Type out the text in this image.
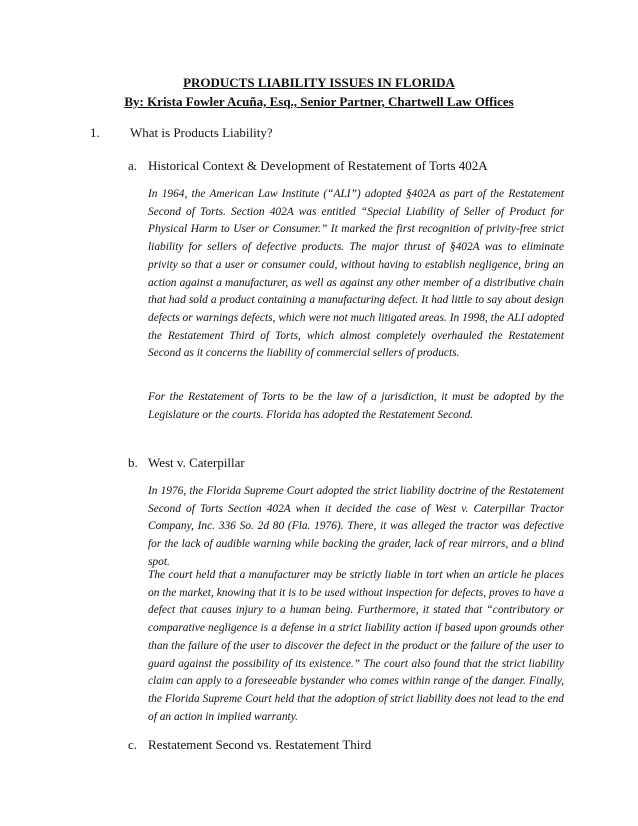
PRODUCTS LIABILITY ISSUES IN FLORIDA
By: Krista Fowler Acuña, Esq., Senior Partner, Chartwell Law Offices
1. What is Products Liability?
a. Historical Context & Development of Restatement of Torts 402A

In 1964, the American Law Institute (“ALI”) adopted §402A as part of the Restatement Second of Torts. Section 402A was entitled “Special Liability of Seller of Product for Physical Harm to User or Consumer.” It marked the first recognition of privity-free strict liability for sellers of defective products. The major thrust of §402A was to eliminate privity so that a user or consumer could, without having to establish negligence, bring an action against a manufacturer, as well as against any other member of a distributive chain that had sold a product containing a manufacturing defect. It had little to say about design defects or warnings defects, which were not much litigated areas. In 1998, the ALI adopted the Restatement Third of Torts, which almost completely overhauled the Restatement Second as it concerns the liability of commercial sellers of products.

For the Restatement of Torts to be the law of a jurisdiction, it must be adopted by the Legislature or the courts. Florida has adopted the Restatement Second.

b. West v. Caterpillar

In 1976, the Florida Supreme Court adopted the strict liability doctrine of the Restatement Second of Torts Section 402A when it decided the case of West v. Caterpillar Tractor Company, Inc. 336 So. 2d 80 (Fla. 1976). There, it was alleged the tractor was defective for the lack of audible warning while backing the grader, lack of rear mirrors, and a blind spot.

The court held that a manufacturer may be strictly liable in tort when an article he places on the market, knowing that it is to be used without inspection for defects, proves to have a defect that causes injury to a human being. Furthermore, it stated that “contributory or comparative negligence is a defense in a strict liability action if based upon grounds other than the failure of the user to discover the defect in the product or the failure of the user to guard against the possibility of its existence.” The court also found that the strict liability claim can apply to a foreseeable bystander who comes within range of the danger. Finally, the Florida Supreme Court held that the adoption of strict liability does not lead to the end of an action in implied warranty.

c. Restatement Second vs. Restatement Third
